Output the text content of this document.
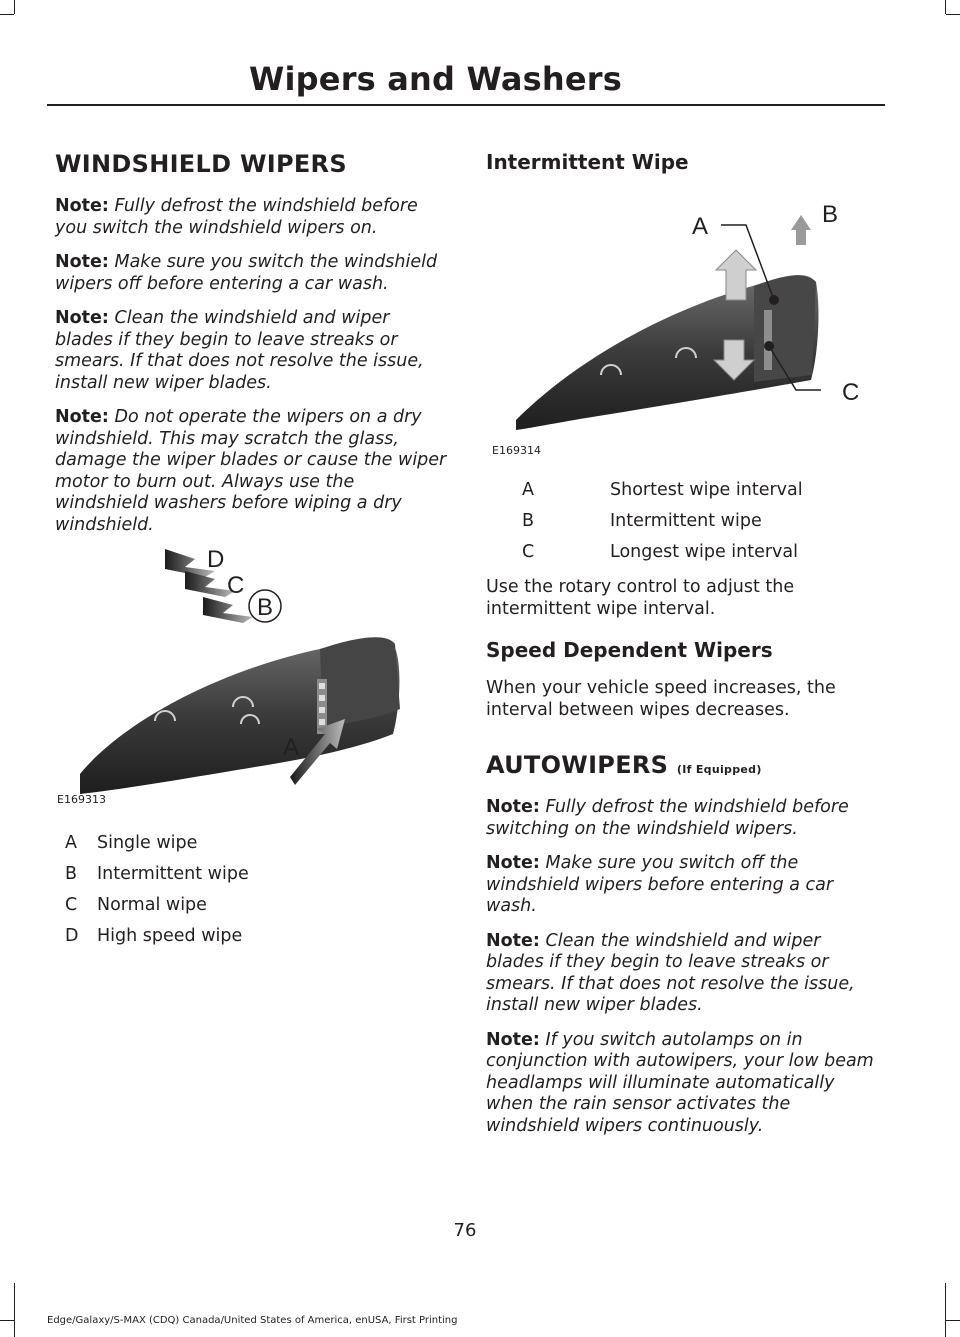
Wipers and Washers
WINDSHIELD WIPERS

Note: Fully defrost the windshield before you switch the windshield wipers on.

Note: Make sure you switch the windshield wipers off before entering a car wash.

Note: Clean the windshield and wiper blades if they begin to leave streaks or smears. If that does not resolve the issue, install new wiper blades.

Note: Do not operate the wipers on a dry windshield. This may scratch the glass, damage the wiper blades or cause the wiper motor to burn out. Always use the windshield washers before wiping a dry windshield.

B
C
D
A
E169313
A	Single wipe
B	Intermittent wipe
C	Normal wipe
D	High speed wipe
Intermittent Wipe
A	B
C
E169314
A	Shortest wipe interval
B	Intermittent wipe
C	Longest wipe interval

Use the rotary control to adjust the intermittent wipe interval.

Speed Dependent Wipers

When your vehicle speed increases, the interval between wipes decreases.

AUTOWIPERS (If Equipped)

Note: Fully defrost the windshield before switching on the windshield wipers.

Note: Make sure you switch off the windshield wipers before entering a car wash.

Note: Clean the windshield and wiper blades if they begin to leave streaks or smears. If that does not resolve the issue, install new wiper blades.

Note: If you switch autolamps on in conjunction with autowipers, your low beam headlamps will illuminate automatically when the rain sensor activates the windshield wipers continuously.

76
Edge/Galaxy/S-MAX (CDQ) Canada/United States of America, enUSA, First Printing
